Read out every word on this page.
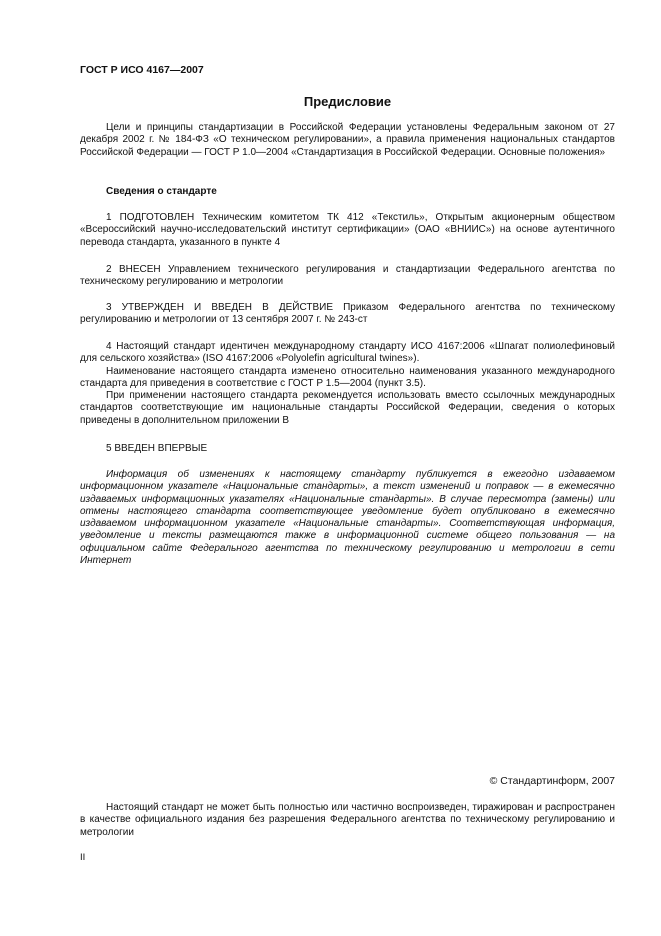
ГОСТ Р ИСО 4167—2007
Предисловие

Цели и принципы стандартизации в Российской Федерации установлены Федеральным законом от 27 декабря 2002 г. № 184-ФЗ «О техническом регулировании», а правила применения национальных стандартов Российской Федерации — ГОСТ Р 1.0—2004 «Стандартизация в Российской Федерации. Основные положения»

Сведения о стандарте

1 ПОДГОТОВЛЕН Техническим комитетом ТК 412 «Текстиль», Открытым акционерным обществом «Всероссийский научно-исследовательский институт сертификации» (ОАО «ВНИИС») на основе аутентичного перевода стандарта, указанного в пункте 4

2 ВНЕСЕН Управлением технического регулирования и стандартизации Федерального агентства по техническому регулированию и метрологии

3 УТВЕРЖДЕН И ВВЕДЕН В ДЕЙСТВИЕ Приказом Федерального агентства по техническому регулированию и метрологии от 13 сентября 2007 г. № 243-ст

4 Настоящий стандарт идентичен международному стандарту ИСО 4167:2006 «Шпагат полиолефиновый для сельского хозяйства» (ISO 4167:2006 «Polyolefin agricultural twines»).

Наименование настоящего стандарта изменено относительно наименования указанного международного стандарта для приведения в соответствие с ГОСТ Р 1.5—2004 (пункт 3.5).

При применении настоящего стандарта рекомендуется использовать вместо ссылочных международных стандартов соответствующие им национальные стандарты Российской Федерации, сведения о которых приведены в дополнительном приложении В

5 ВВЕДЕН ВПЕРВЫЕ

Информация об изменениях к настоящему стандарту публикуется в ежегодно издаваемом информационном указателе «Национальные стандарты», а текст изменений и поправок — в ежемесячно издаваемых информационных указателях «Национальные стандарты». В случае пересмотра (замены) или отмены настоящего стандарта соответствующее уведомление будет опубликовано в ежемесячно издаваемом информационном указателе «Национальные стандарты». Соответствующая информация, уведомление и тексты размещаются также в информационной системе общего пользования — на официальном сайте Федерального агентства по техническому регулированию и метрологии в сети Интернет

© Стандартинформ, 2007

Настоящий стандарт не может быть полностью или частично воспроизведен, тиражирован и распространен в качестве официального издания без разрешения Федерального агентства по техническому регулированию и метрологии

II
